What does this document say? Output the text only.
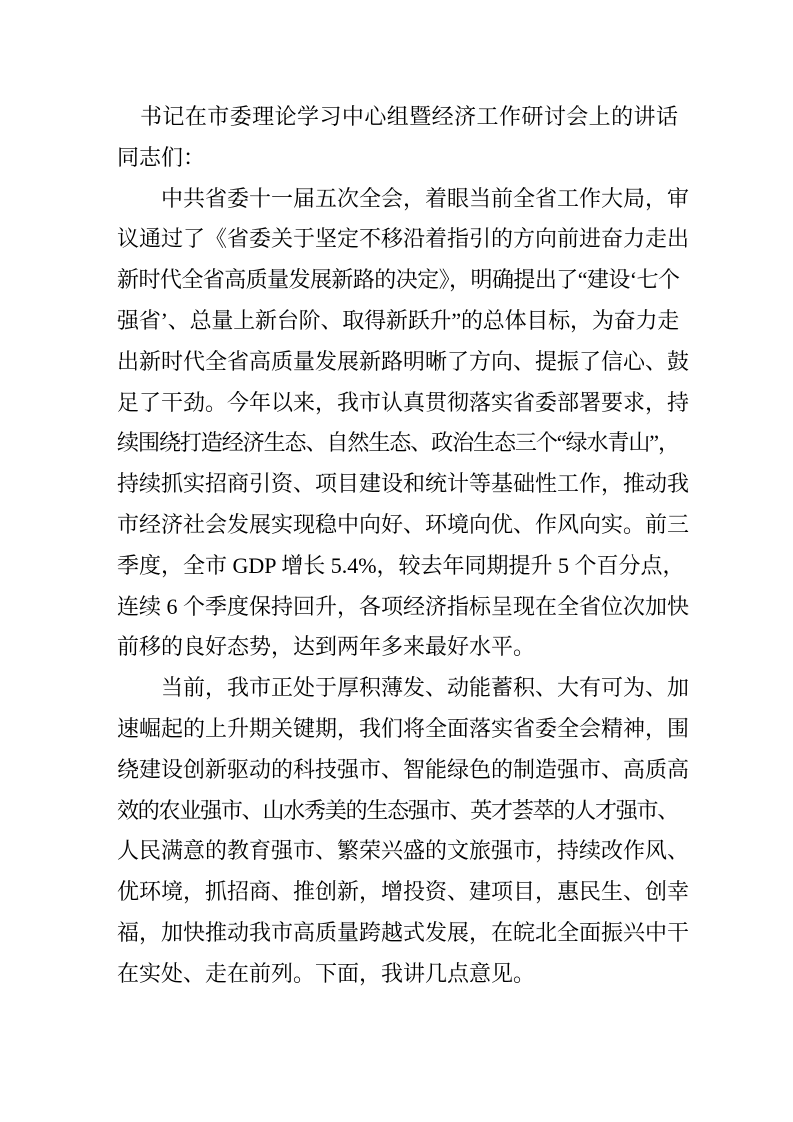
书记在市委理论学习中心组暨经济工作研讨会上的讲话
同志们：
　　中共省委十一届五次全会，着眼当前全省工作大局，审
议通过了《省委关于坚定不移沿着指引的方向前进奋力走出
新时代全省高质量发展新路的决定》，明确提出了“建设‘七个
强省’、总量上新台阶、取得新跃升”的总体目标，为奋力走
出新时代全省高质量发展新路明晰了方向、提振了信心、鼓
足了干劲。今年以来，我市认真贯彻落实省委部署要求，持
续围绕打造经济生态、自然生态、政治生态三个“绿水青山”，
持续抓实招商引资、项目建设和统计等基础性工作，推动我
市经济社会发展实现稳中向好、环境向优、作风向实。前三
季度，全市 GDP 增长 5.4%，较去年同期提升 5 个百分点，
连续 6 个季度保持回升，各项经济指标呈现在全省位次加快
前移的良好态势，达到两年多来最好水平。
　　当前，我市正处于厚积薄发、动能蓄积、大有可为、加
速崛起的上升期关键期，我们将全面落实省委全会精神，围
绕建设创新驱动的科技强市、智能绿色的制造强市、高质高
效的农业强市、山水秀美的生态强市、英才荟萃的人才强市、
人民满意的教育强市、繁荣兴盛的文旅强市，持续改作风、
优环境，抓招商、推创新，增投资、建项目，惠民生、创幸
福，加快推动我市高质量跨越式发展，在皖北全面振兴中干
在实处、走在前列。下面，我讲几点意见。
